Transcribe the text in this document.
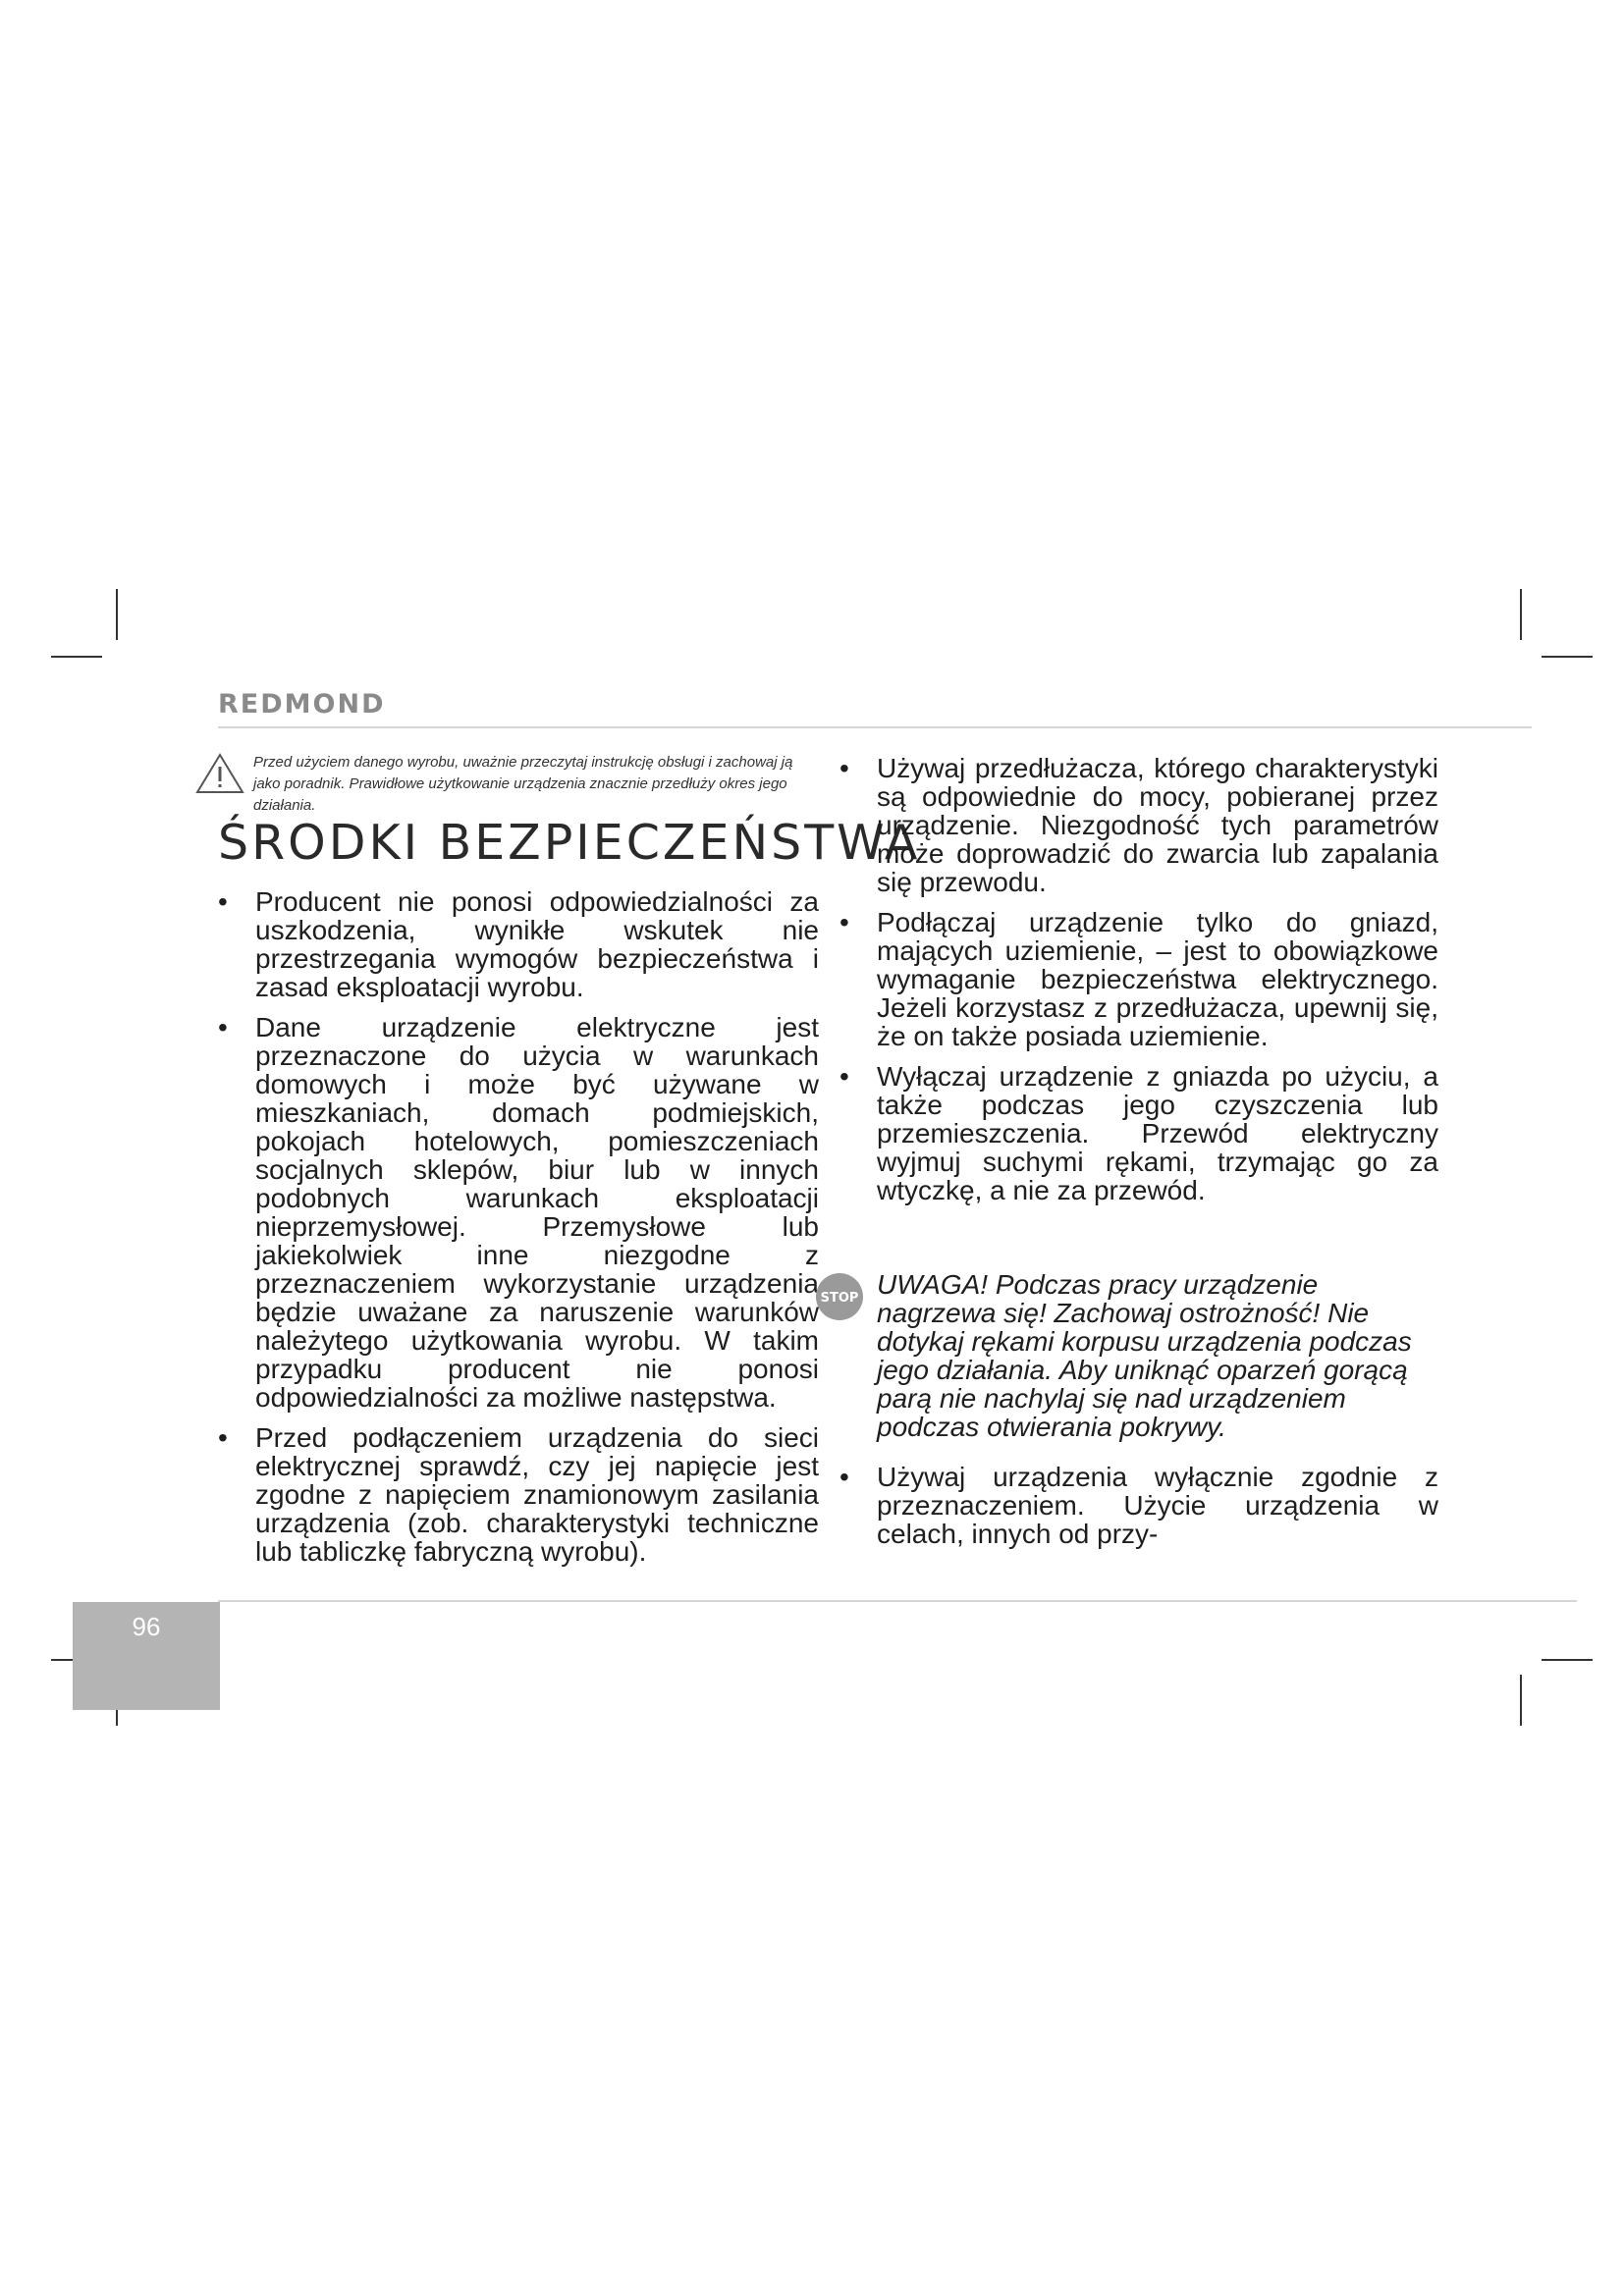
REDMOND
Przed użyciem danego wyrobu, uważnie przeczytaj instrukcję obsługi i zachowaj ją jako poradnik. Prawidłowe użytkowanie urządzenia znacznie przedłuży okres jego działania.
ŚRODKI BEZPIECZEŃSTWA
• Producent nie ponosi odpowiedzialności za uszkodzenia, wynikłe wskutek nie przestrzegania wymogów bezpieczeństwa i zasad eksploatacji wyrobu.
• Dane urządzenie elektryczne jest przeznaczone do użycia w warunkach domowych i może być używane w mieszkaniach, domach podmiejskich, pokojach hotelowych, pomieszczeniach socjalnych sklepów, biur lub w innych podobnych warunkach eksploatacji nieprzemysłowej. Przemysłowe lub jakiekolwiek inne niezgodne z przeznaczeniem wykorzystanie urządzenia będzie uważane za naruszenie warunków należytego użytkowania wyrobu. W takim przypadku producent nie ponosi odpowiedzialności za możliwe następstwa.
• Przed podłączeniem urządzenia do sieci elektrycznej sprawdź, czy jej napięcie jest zgodne z napięciem znamionowym zasilania urządzenia (zob. charakterystyki techniczne lub tabliczkę fabryczną wyrobu).
• Używaj przedłużacza, którego charakterystyki są odpowiednie do mocy, pobieranej przez urządzenie. Niezgodność tych parametrów może doprowadzić do zwarcia lub zapalania się przewodu.
• Podłączaj urządzenie tylko do gniazd, mających uziemienie, – jest to obowiązkowe wymaganie bezpieczeństwa elektrycznego. Jeżeli korzystasz z przedłużacza, upewnij się, że on także posiada uziemienie.
• Wyłączaj urządzenie z gniazda po użyciu, a także podczas jego czyszczenia lub przemieszczenia. Przewód elektryczny wyjmuj suchymi rękami, trzymając go za wtyczkę, a nie za przewód.
STOP UWAGA! Podczas pracy urządzenie nagrzewa się! Zachowaj ostrożność! Nie dotykaj rękami korpusu urządzenia podczas jego działania. Aby uniknąć oparzeń gorącą parą nie nachylaj się nad urządzeniem podczas otwierania pokrywy.
• Używaj urządzenia wyłącznie zgodnie z przeznaczeniem. Użycie urządzenia w celach, innych od przy-
96
